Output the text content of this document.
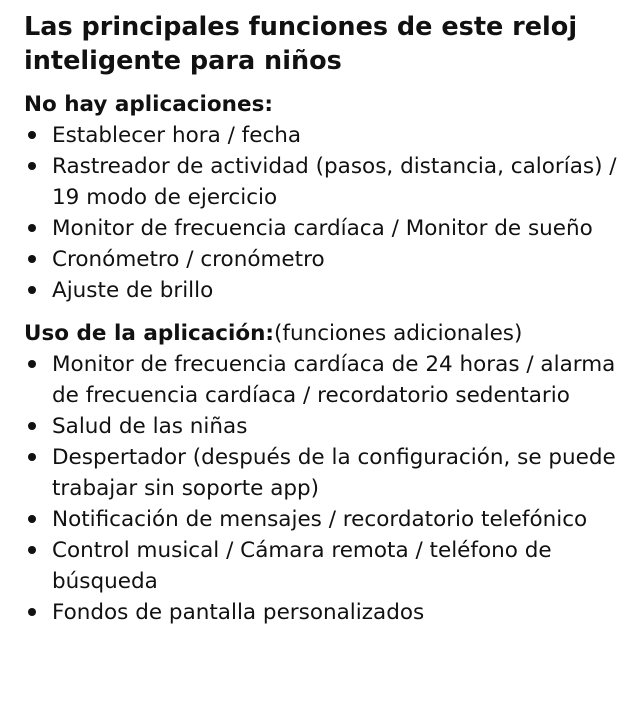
Las principales funciones de este reloj inteligente para niños
No hay aplicaciones:
Establecer hora / fecha
Rastreador de actividad (pasos, distancia, calorías) / 19 modo de ejercicio
Monitor de frecuencia cardíaca / Monitor de sueño
Cronómetro / cronómetro
Ajuste de brillo
Uso de la aplicación:(funciones adicionales)
Monitor de frecuencia cardíaca de 24 horas / alarma de frecuencia cardíaca / recordatorio sedentario
Salud de las niñas
Despertador (después de la configuración, se puede trabajar sin soporte app)
Notificación de mensajes / recordatorio telefónico
Control musical / Cámara remota / teléfono de búsqueda
Fondos de pantalla personalizados
